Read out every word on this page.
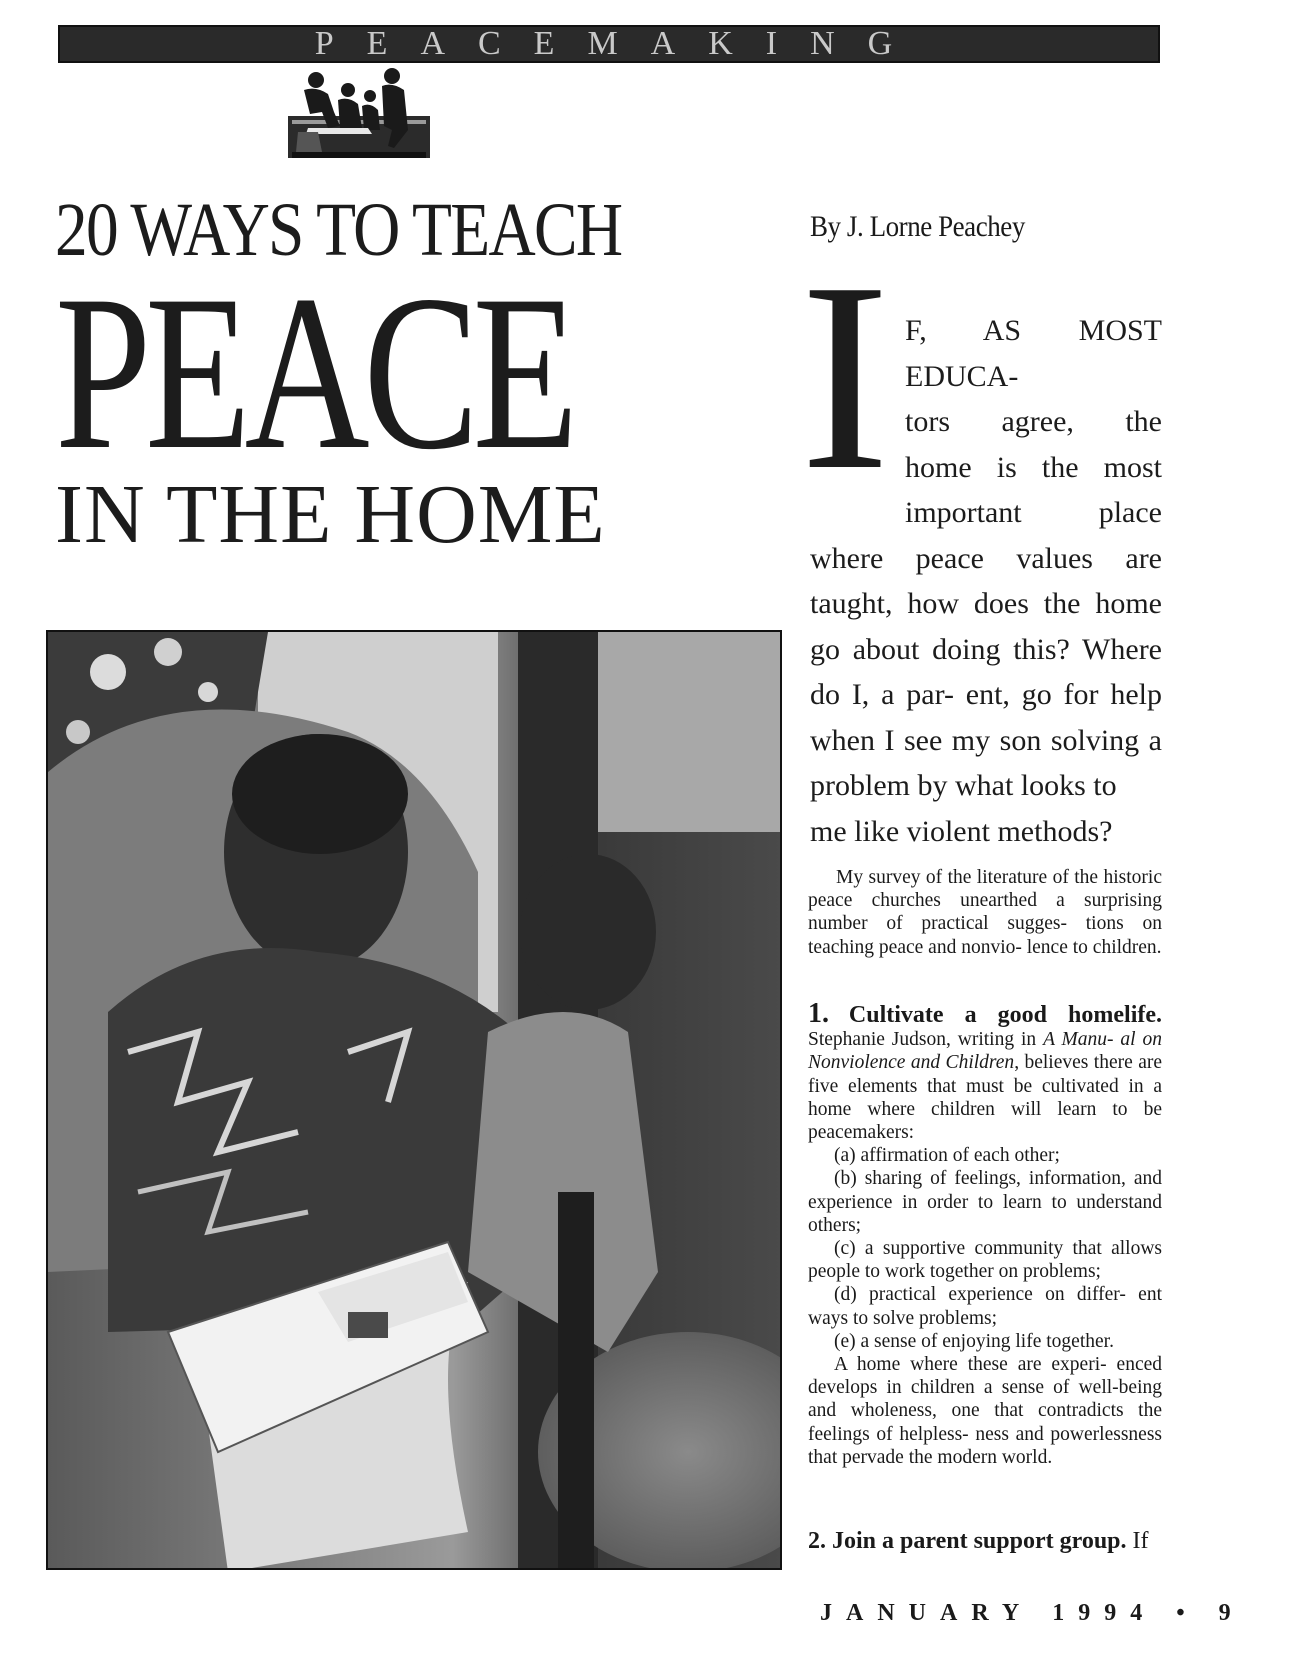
PEACEMAKING
20 WAYS TO TEACH
PEACE
IN THE HOME
By J. Lorne Peachey
I F, AS MOST EDUCA-
tors agree, the
home is the most
important place
where peace values are taught, how does the home go about doing this? Where do I, a par- ent, go for help when I see my son solving a problem by what looks to
me like violent methods?

My survey of the literature of the historic peace churches unearthed a surprising number of practical sugges- tions on teaching peace and nonvio- lence to children.

1. Cultivate a good homelife. Stephanie Judson, writing in A Manu- al on Nonviolence and Children, believes there are five elements that must be cultivated in a home where children will learn to be peacemakers:
(a) affirmation of each other;
(b) sharing of feelings, information, and experience in order to learn to understand others;
(c) a supportive community that allows people to work together on problems;
(d) practical experience on differ- ent ways to solve problems;
(e) a sense of enjoying life together.
A home where these are experi- enced develops in children a sense of well-being and wholeness, one that contradicts the feelings of helpless- ness and powerlessness that pervade the modern world.

2. Join a parent support group. If

JANUARY 1994 • 9
